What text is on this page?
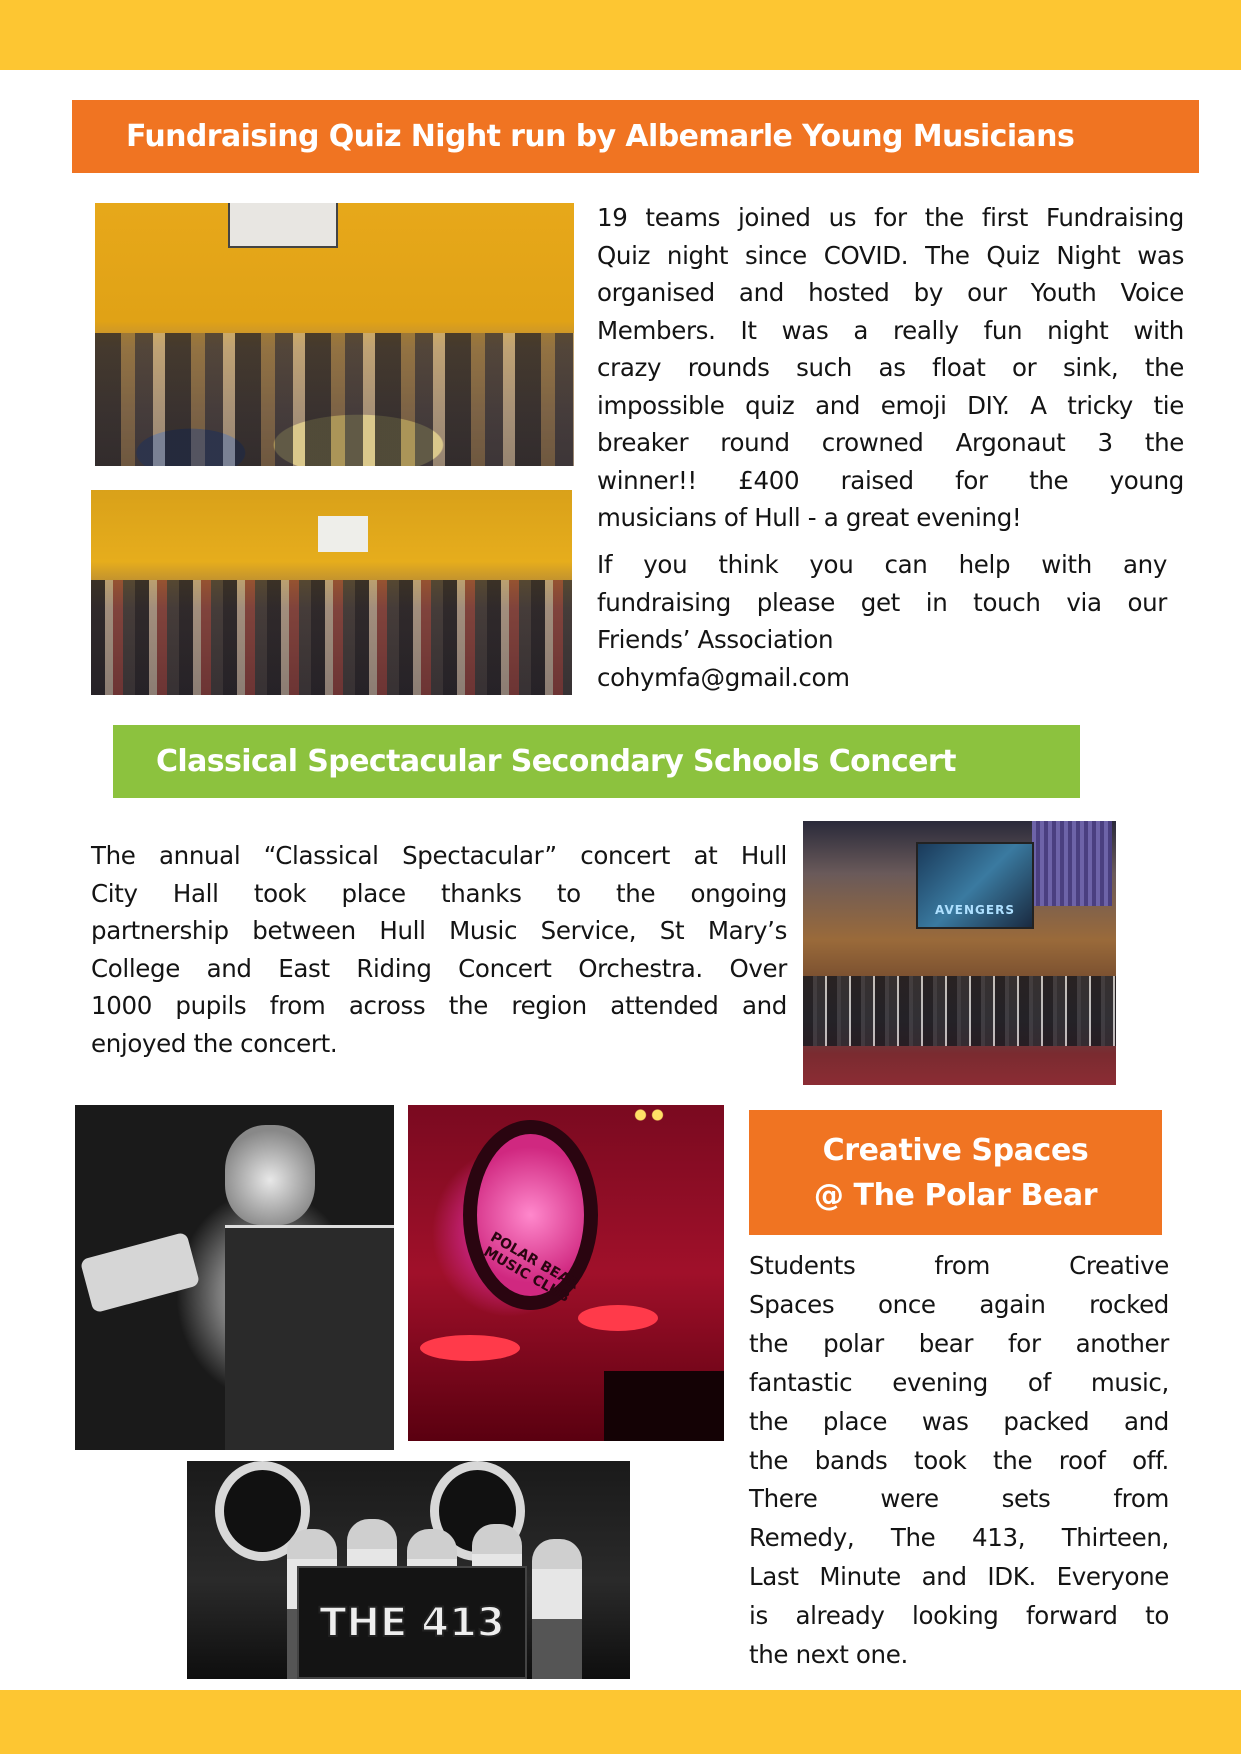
Fundraising Quiz Night run by Albemarle Young Musicians
19 teams joined us for the first Fundraising
Quiz night since COVID. The Quiz Night was
organised and hosted by our Youth Voice
Members. It was a really fun night with
crazy rounds such as float or sink, the
impossible quiz and emoji DIY. A tricky tie
breaker round crowned Argonaut 3 the
winner!! £400 raised for the young
musicians of Hull - a great evening!
If you think you can help with any
fundraising please get in touch via our
Friends’ Association
cohymfa@gmail.com
Classical Spectacular Secondary Schools Concert
The annual “Classical Spectacular” concert at Hull
City Hall took place thanks to the ongoing
partnership between Hull Music Service, St Mary’s
College and East Riding Concert Orchestra. Over
1000 pupils from across the region attended and
enjoyed the concert.
AVENGERS
POLAR BEAR MUSIC CLUB
THE 413
Creative Spaces
@ The Polar Bear
Students from Creative
Spaces once again rocked
the polar bear for another
fantastic evening of music,
the place was packed and
the bands took the roof off.
There were sets from
Remedy, The 413, Thirteen,
Last Minute and IDK. Everyone
is already looking forward to
the next one.
